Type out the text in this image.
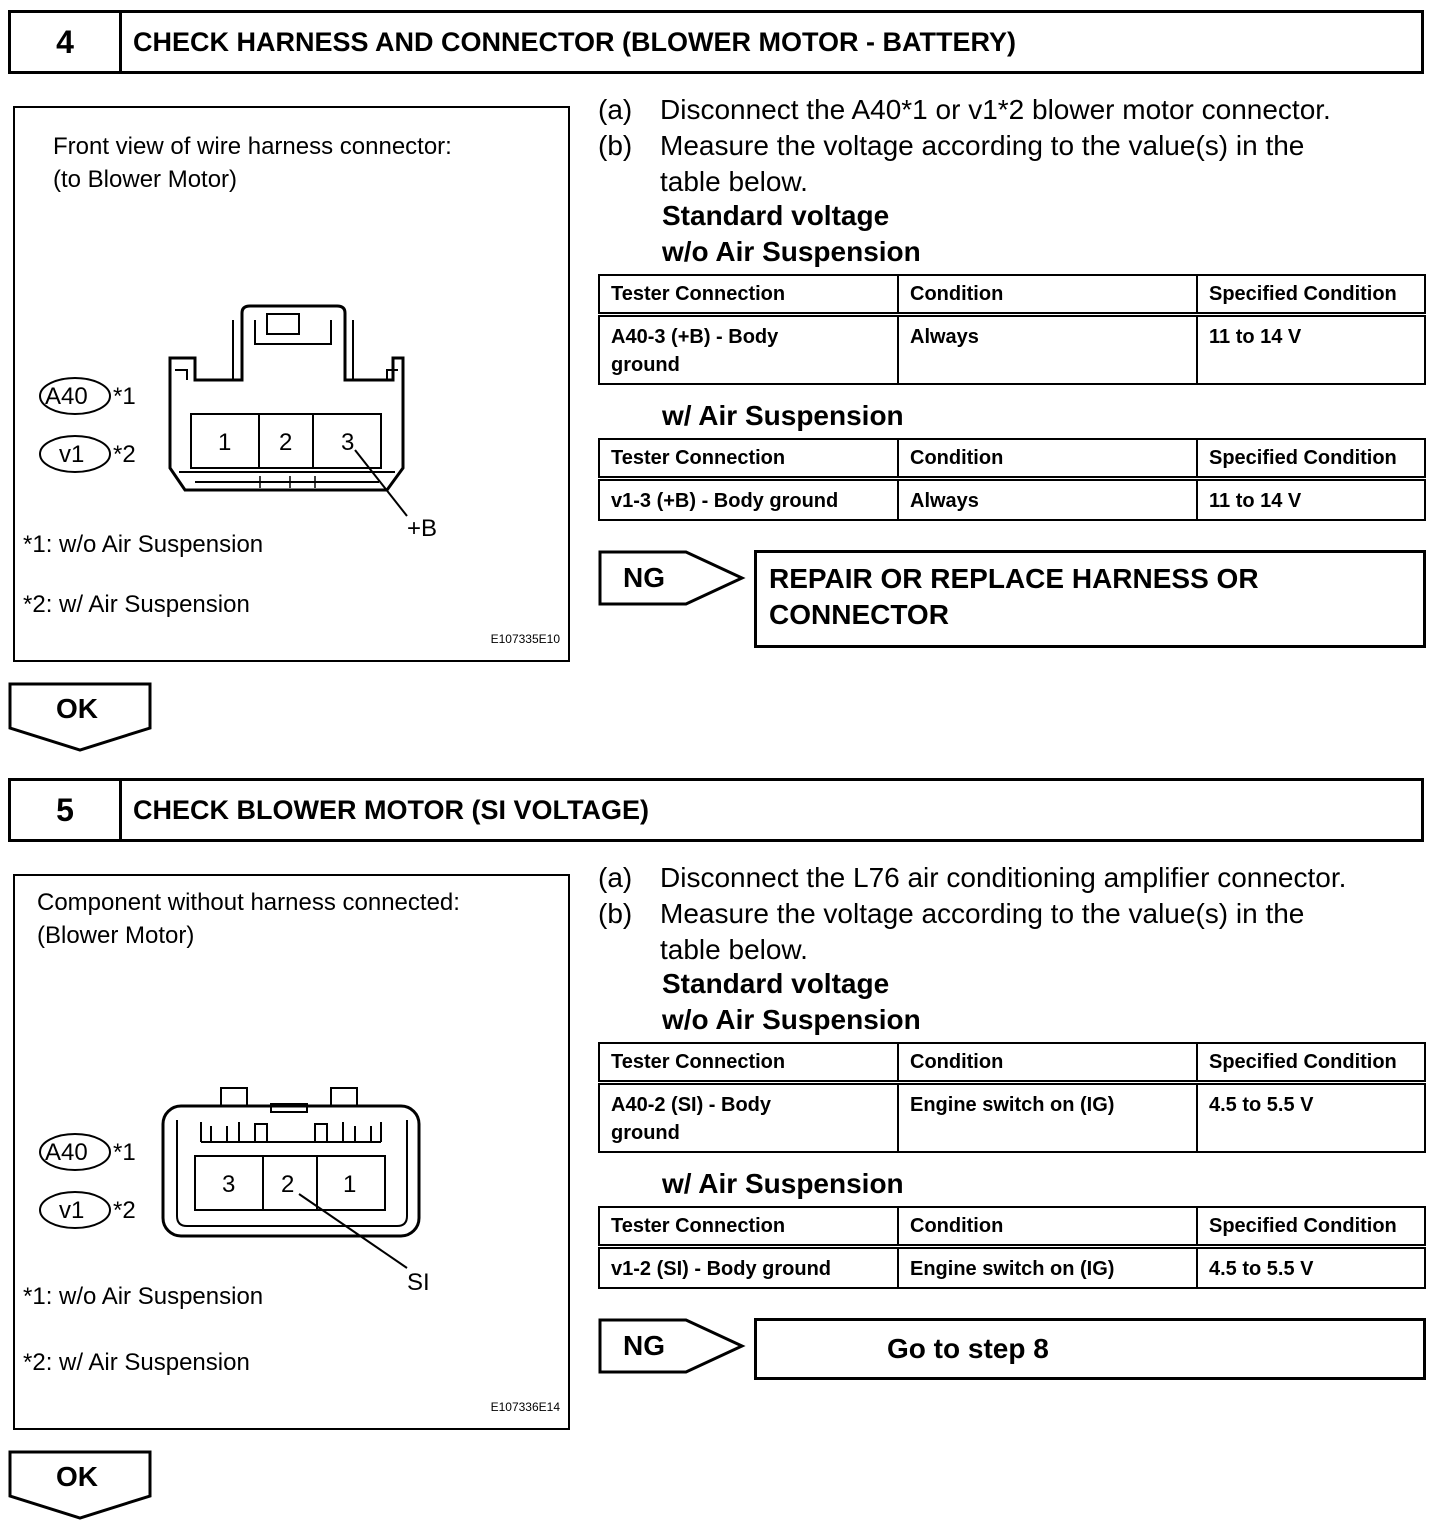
4	CHECK HARNESS AND CONNECTOR (BLOWER MOTOR - BATTERY)
Front view of wire harness connector:
(to Blower Motor)
A40 *1
v1 *2	1 2 3
+B
*1: w/o Air Suspension
*2: w/ Air Suspension
E107335E10
(a) Disconnect the A40*1 or v1*2 blower motor connector.
(b) Measure the voltage according to the value(s) in the
table below.
Standard voltage
w/o Air Suspension
Tester Connection	Condition	Specified Condition
A40-3 (+B) - Body
ground	Always	11 to 14 V
w/ Air Suspension
Tester Connection	Condition	Specified Condition
v1-3 (+B) - Body ground	Always	11 to 14 V
NG	REPAIR OR REPLACE HARNESS OR
CONNECTOR
OK
5	CHECK BLOWER MOTOR (SI VOLTAGE)
Component without harness connected:
(Blower Motor)
A40 *1
v1 *2
3 2 1
SI
*1: w/o Air Suspension
*2: w/ Air Suspension
E107336E14
(a) Disconnect the L76 air conditioning amplifier connector.
(b) Measure the voltage according to the value(s) in the
table below.
Standard voltage
w/o Air Suspension
Tester Connection	Condition	Specified Condition
A40-2 (SI) - Body
ground	Engine switch on (IG)	4.5 to 5.5 V
w/ Air Suspension
Tester Connection	Condition	Specified Condition
v1-2 (SI) - Body ground	Engine switch on (IG)	4.5 to 5.5 V
NG	Go to step 8
OK
